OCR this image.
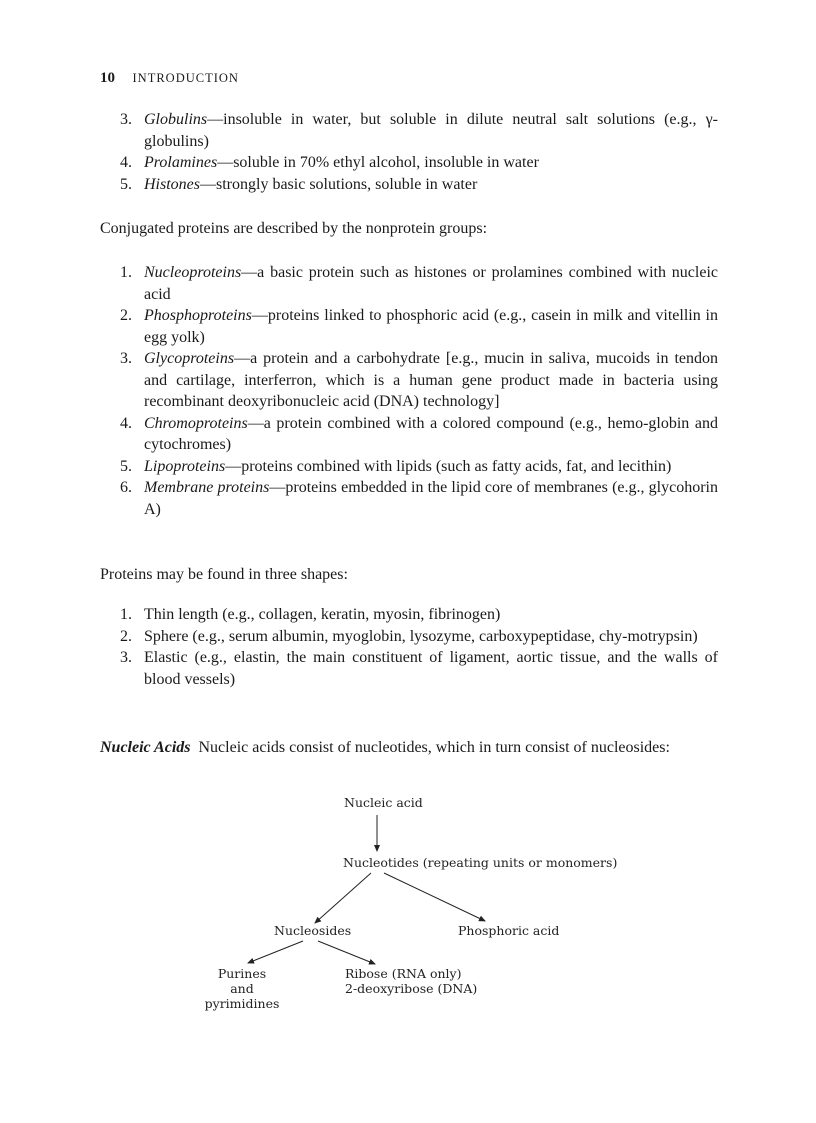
10 INTRODUCTION
3. Globulins—insoluble in water, but soluble in dilute neutral salt solutions (e.g., γ-globulins)
4. Prolamines—soluble in 70% ethyl alcohol, insoluble in water
5. Histones—strongly basic solutions, soluble in water

Conjugated proteins are described by the nonprotein groups:

1. Nucleoproteins—a basic protein such as histones or prolamines combined with nucleic acid
2. Phosphoproteins—proteins linked to phosphoric acid (e.g., casein in milk and vitellin in egg yolk)
3. Glycoproteins—a protein and a carbohydrate [e.g., mucin in saliva, mucoids in tendon and cartilage, interferron, which is a human gene product made in bacteria using recombinant deoxyribonucleic acid (DNA) technology]
4. Chromoproteins—a protein combined with a colored compound (e.g., hemo-globin and cytochromes)
5. Lipoproteins—proteins combined with lipids (such as fatty acids, fat, and lecithin)
6. Membrane proteins—proteins embedded in the lipid core of membranes (e.g., glycohorin A)

Proteins may be found in three shapes:

1. Thin length (e.g., collagen, keratin, myosin, fibrinogen)
2. Sphere (e.g., serum albumin, myoglobin, lysozyme, carboxypeptidase, chy-motrypsin)
3. Elastic (e.g., elastin, the main constituent of ligament, aortic tissue, and the walls of blood vessels)

Nucleic Acids Nucleic acids consist of nucleotides, which in turn consist of nucleosides:

Nucleic acid
Nucleotides (repeating units or monomers)
Nucleosides	Phosphoric acid
Purines
and
pyrimidines
Ribose (RNA only)
2-deoxyribose (DNA)
